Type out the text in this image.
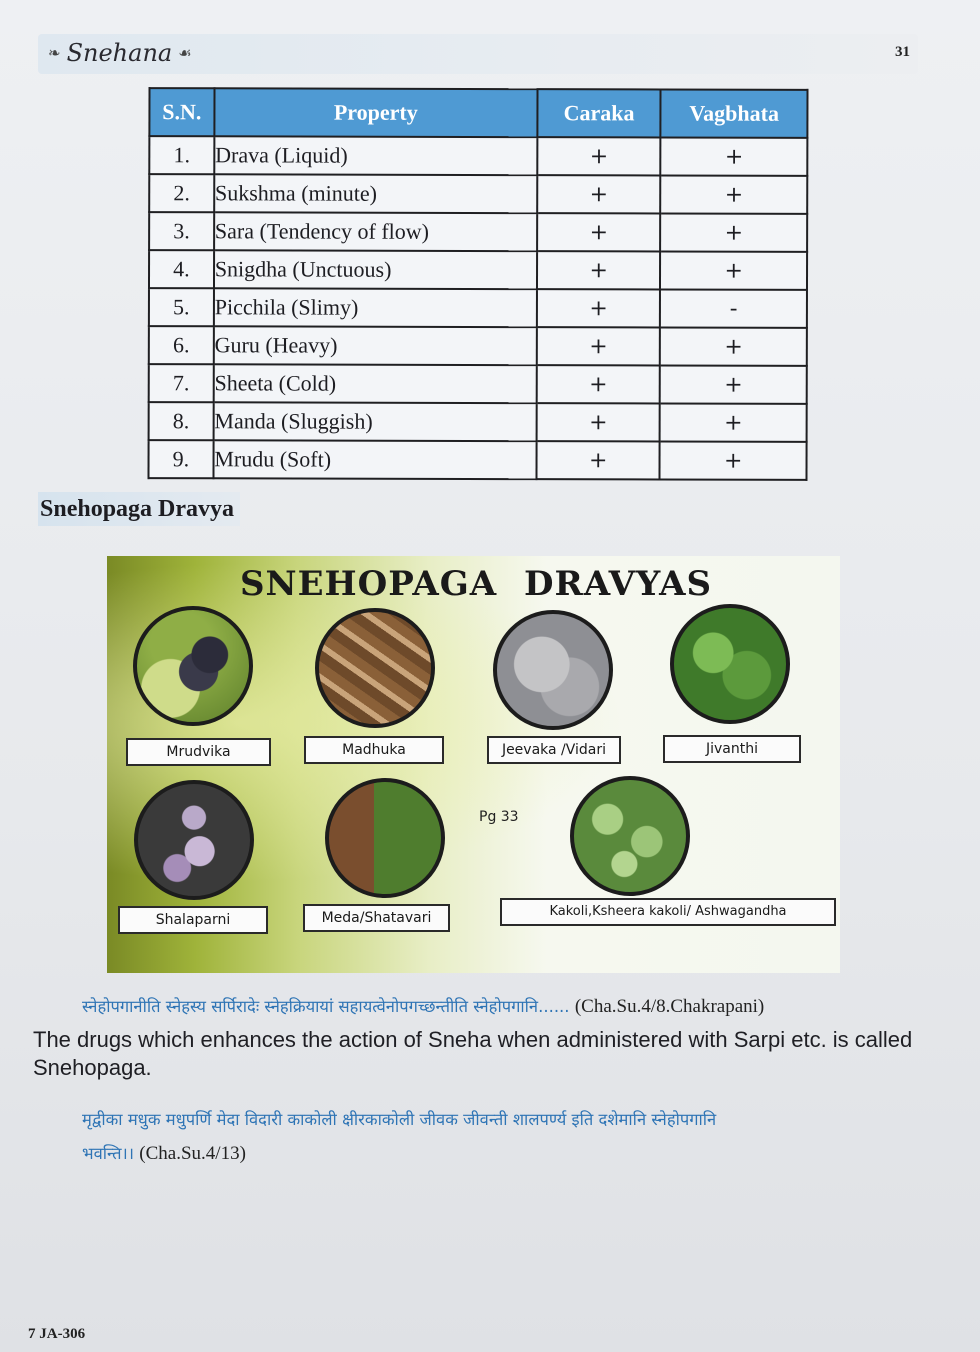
❧ Snehana ☙	31
S.N.	Property	Caraka	Vagbhata
1.	Drava (Liquid)	+	+
2.	Sukshma (minute)	+	+
3.	Sara (Tendency of flow)	+	+
4.	Snigdha (Unctuous)	+	+
5.	Picchila (Slimy)	+	-
6.	Guru (Heavy)	+	+
7.	Sheeta (Cold)	+	+
8.	Manda (Sluggish)	+	+
9.	Mrudu (Soft)	+	+
Snehopaga Dravya
SNEHOPAGA DRAVYAS
Mrudvika	Madhuka	Jeevaka /Vidari	Jivanthi
Pg 33
Shalaparni	Meda/Shatavari	Kakoli,Ksheera kakoli/ Ashwagandha
स्नेहोपगानीति स्नेहस्य सर्पिरादेः स्नेहक्रियायां सहायत्वेनोपगच्छन्तीति स्नेहोपगानि...... (Cha.Su.4/8.Chakrapani)
The drugs which enhances the action of Sneha when administered with Sarpi etc. is called Snehopaga.
मृद्वीका मधुक मधुपर्णि मेदा विदारी काकोली क्षीरकाकोली जीवक जीवन्ती शालपर्ण्य इति दशेमानि स्नेहोपगानि
भवन्ति।। (Cha.Su.4/13)
7 JA-306
